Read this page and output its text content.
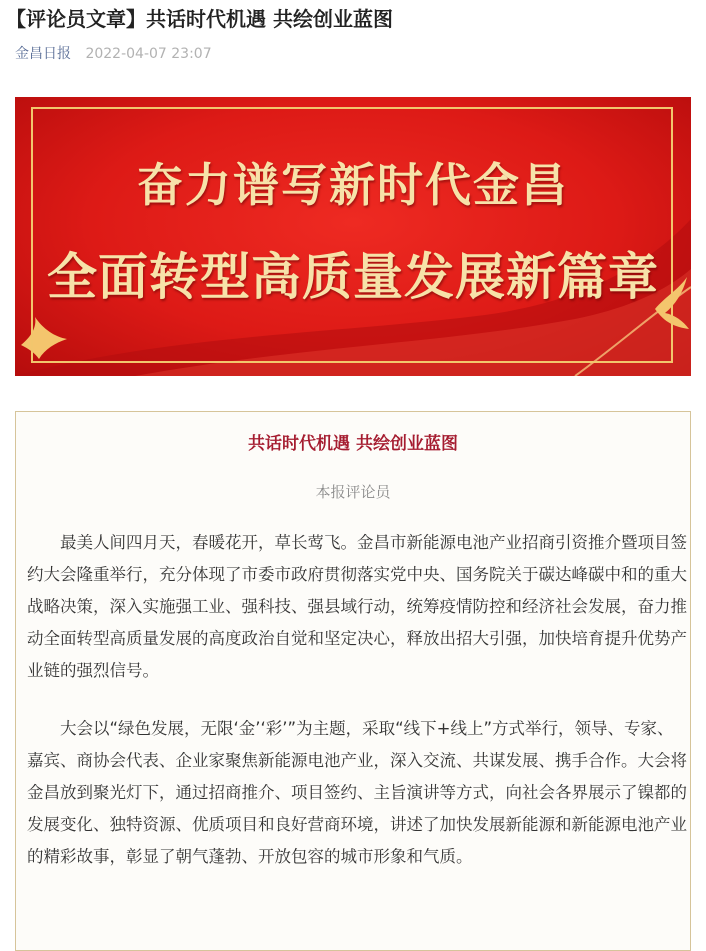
【评论员文章】共话时代机遇 共绘创业蓝图
金昌日报 2022-04-07 23:07
奋力谱写新时代金昌
全面转型高质量发展新篇章
共话时代机遇 共绘创业蓝图
本报评论员

最美人间四月天，春暖花开，草长莺飞。金昌市新能源电池产业招商引资推介暨项目签约大会隆重举行，充分体现了市委市政府贯彻落实党中央、国务院关于碳达峰碳中和的重大战略决策，深入实施强工业、强科技、强县域行动，统筹疫情防控和经济社会发展，奋力推动全面转型高质量发展的高度政治自觉和坚定决心，释放出招大引强，加快培育提升优势产业链的强烈信号。

大会以“绿色发展，无限‘金’‘彩’”为主题，采取“线下+线上”方式举行，领导、专家、嘉宾、商协会代表、企业家聚焦新能源电池产业，深入交流、共谋发展、携手合作。大会将金昌放到聚光灯下，通过招商推介、项目签约、主旨演讲等方式，向社会各界展示了镍都的发展变化、独特资源、优质项目和良好营商环境，讲述了加快发展新能源和新能源电池产业的精彩故事，彰显了朝气蓬勃、开放包容的城市形象和气质。
